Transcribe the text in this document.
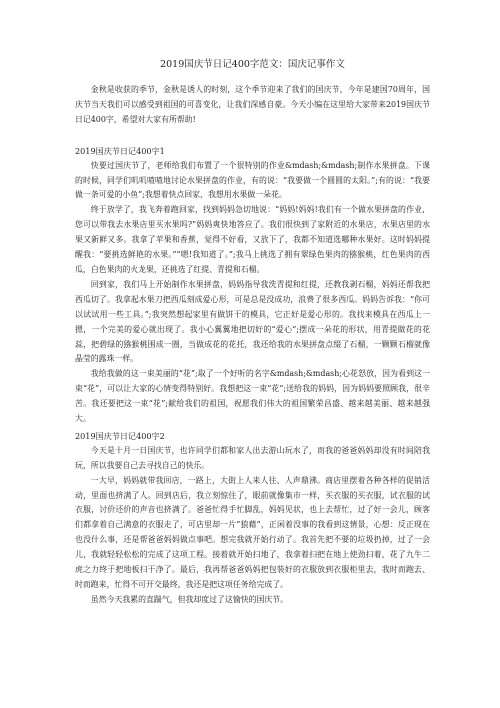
2019国庆节日记400字范文：国庆记事作文

金秋是收获的季节，金秋是诱人的时刻，这个季节迎来了我们的国庆节，今年是建国70周年，国庆节当天我们可以感受到祖国的可喜变化，让我们深感自豪。今天小编在这里给大家带来2019国庆节日记400字，希望对大家有所帮助!

2019国庆节日记400字1

快要过国庆节了，老师给我们布置了一个很特别的作业&mdash;&mdash;制作水果拼盘。下课的时候，同学们叽叽喳喳地讨论水果拼盘的作业，有的说：“我要做一个圆圆的太阳。”;有的说：“我要做一条可爱的小鱼”;我想着快点回家，我想用水果做一朵花。

终于放学了，我飞奔着跑回家，找到妈妈急切地说：“妈妈!妈妈!我们有一个做水果拼盘的作业，您可以带我去水果店里买水果吗?”妈妈爽快地答应了。我们很快到了家附近的水果店，水果店里的水果又新鲜又多。我拿了苹果和香蕉，觉得不好看，又放下了，我都不知道选哪种水果好。这时妈妈提醒我：“要挑选鲜艳的水果。”“嗯!我知道了。”;我马上挑选了拥有翠绿色果肉的猕猴桃，红色果肉的西瓜，白色果肉的火龙果，还挑选了红提、青提和石榴。

回到家，我们马上开始制作水果拼盘，妈妈指导我洗青提和红提，还教我剥石榴，妈妈还帮我把西瓜切了。我拿起水果刀把西瓜刻成爱心形，可是总是没成功，浪费了很多西瓜。妈妈告诉我：“你可以试试用一些工具。”;我突然想起家里有做饼干的模具，它正好是爱心形的。我找来模具在西瓜上一摁，一个完美的爱心就出现了。我小心翼翼地把切好的“爱心”;摆成一朵花的形状，用青提做花的花蕊，把碧绿的猕猴桃围成一圈，当做成花的花托，我还给我的水果拼盘点缀了石榴，一颗颗石榴就像晶莹的露珠一样。

我给我做的这一束美丽的“花”;取了一个好听的名字&mdash;&mdash;心花怒放，因为看到这一束“花”，可以让大家的心情变得特别好。我想把这一束“花”;送给我的妈妈，因为妈妈要照顾我，很辛苦。我还要把这一束“花”;献给我们的祖国，祝愿我们伟大的祖国繁荣昌盛、越来越美丽、越来越强大。

2019国庆节日记400字2

今天是十月一日国庆节，也许同学们都和家人出去游山玩水了，而我的爸爸妈妈却没有时间陪我玩，所以我要自己去寻找自己的快乐。

一大早，妈妈就带我回店，一路上，大街上人来人往、人声鼎沸。商店里摆着各种各样的促销活动，里面也挤满了人。回到店后，我立刻惊住了，眼前就像集市一样，买衣服的买衣服，试衣服的试衣服，讨价还价的声音也挤满了。爸爸忙得手忙脚乱，妈妈见状，也上去帮忙，过了好一会儿，顾客们都拿着自己满意的衣服走了，可店里却一片“狼藉”，正闲着没事的我看到这情景，心想：反正现在也没什么事，还是帮爸爸妈妈做点事吧。想完我就开始行动了。我首先把不要的垃圾扔掉，过了一会儿，我就轻轻松松的完成了这项工程。接着就开始扫地了，我拿着扫把在地上使劲扫着，花了九牛二虎之力终于把地板扫干净了。最后，我再帮爸爸妈妈把包装好的衣服放到衣服柜里去，我时而跑去、时而跑来，忙得不可开交最终，我还是把这项任务给完成了。

虽然今天我累的直踹气，但我却度过了这愉快的国庆节。
